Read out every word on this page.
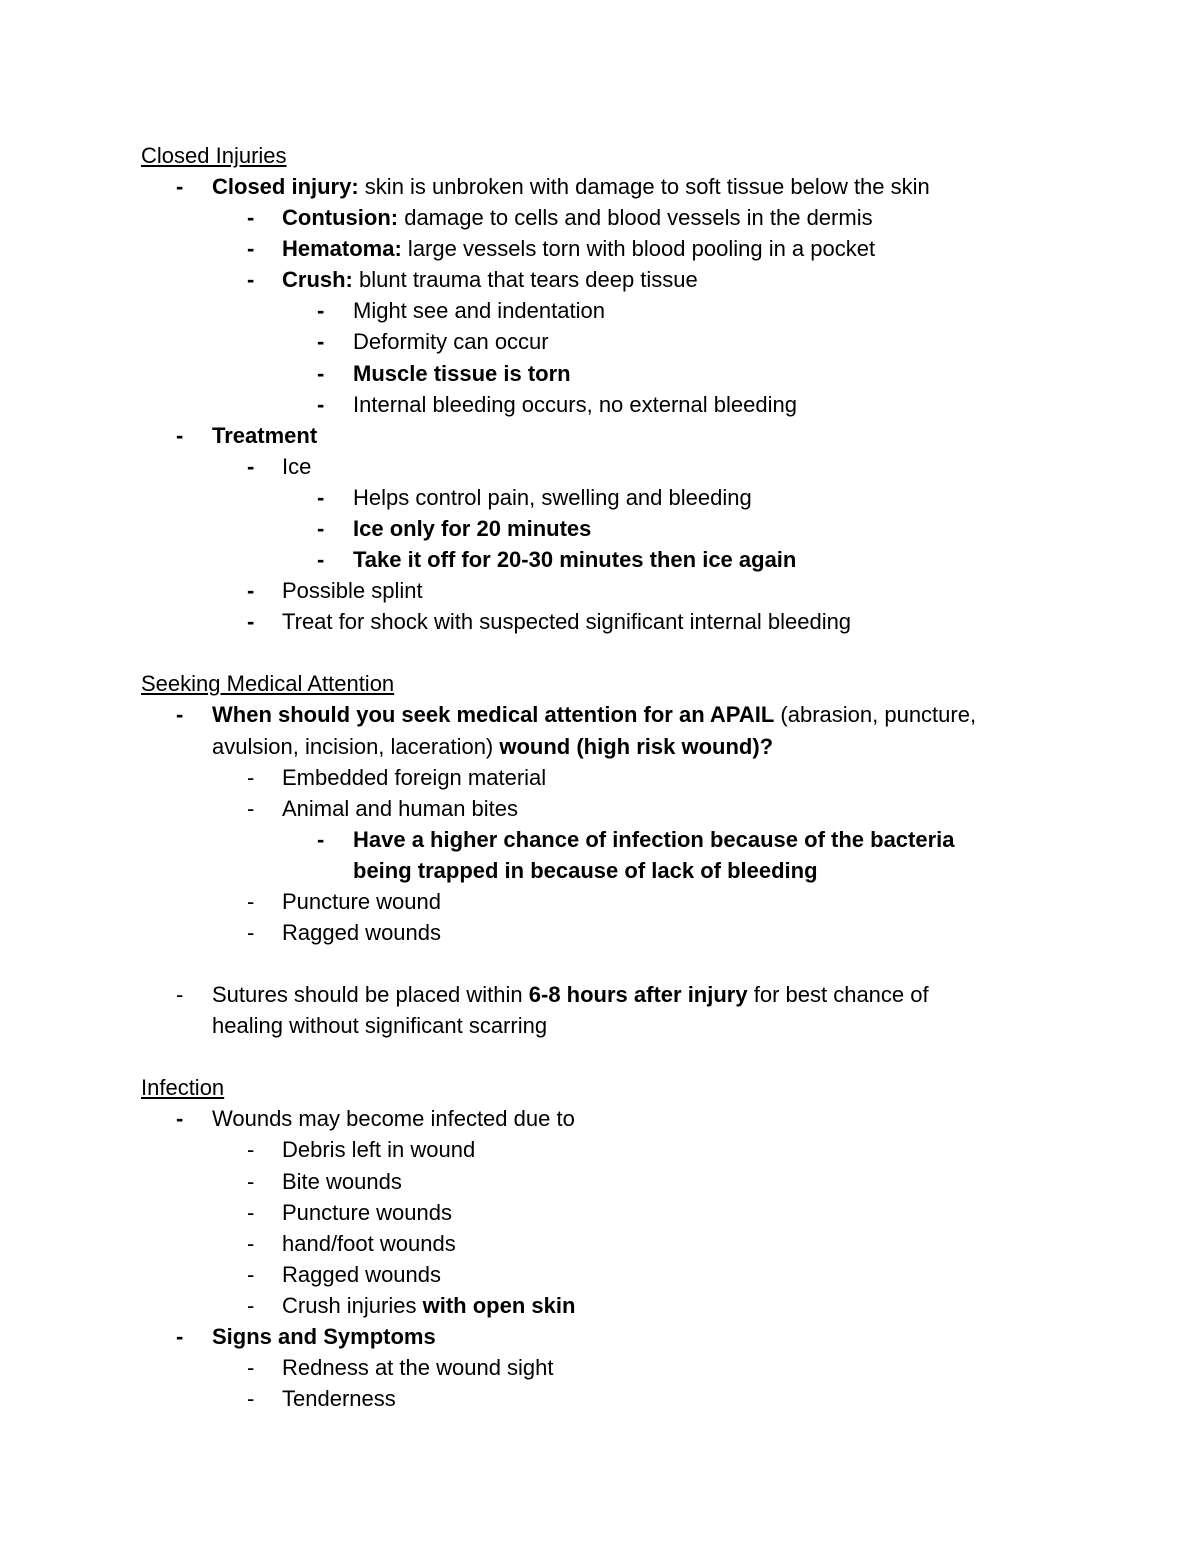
Closed Injuries
- Closed injury: skin is unbroken with damage to soft tissue below the skin
- Contusion: damage to cells and blood vessels in the dermis
- Hematoma: large vessels torn with blood pooling in a pocket
- Crush: blunt trauma that tears deep tissue
- Might see and indentation
- Deformity can occur
- Muscle tissue is torn
- Internal bleeding occurs, no external bleeding
- Treatment
- Ice
- Helps control pain, swelling and bleeding
- Ice only for 20 minutes
- Take it off for 20-30 minutes then ice again
- Possible splint
- Treat for shock with suspected significant internal bleeding
Seeking Medical Attention
- When should you seek medical attention for an APAIL (abrasion, puncture,
avulsion, incision, laceration) wound (high risk wound)?
- Embedded foreign material
- Animal and human bites
- Have a higher chance of infection because of the bacteria
being trapped in because of lack of bleeding
- Puncture wound
- Ragged wounds
- Sutures should be placed within 6-8 hours after injury for best chance of
healing without significant scarring
Infection
- Wounds may become infected due to
- Debris left in wound
- Bite wounds
- Puncture wounds
- hand/foot wounds
- Ragged wounds
- Crush injuries with open skin
- Signs and Symptoms
- Redness at the wound sight
- Tenderness
